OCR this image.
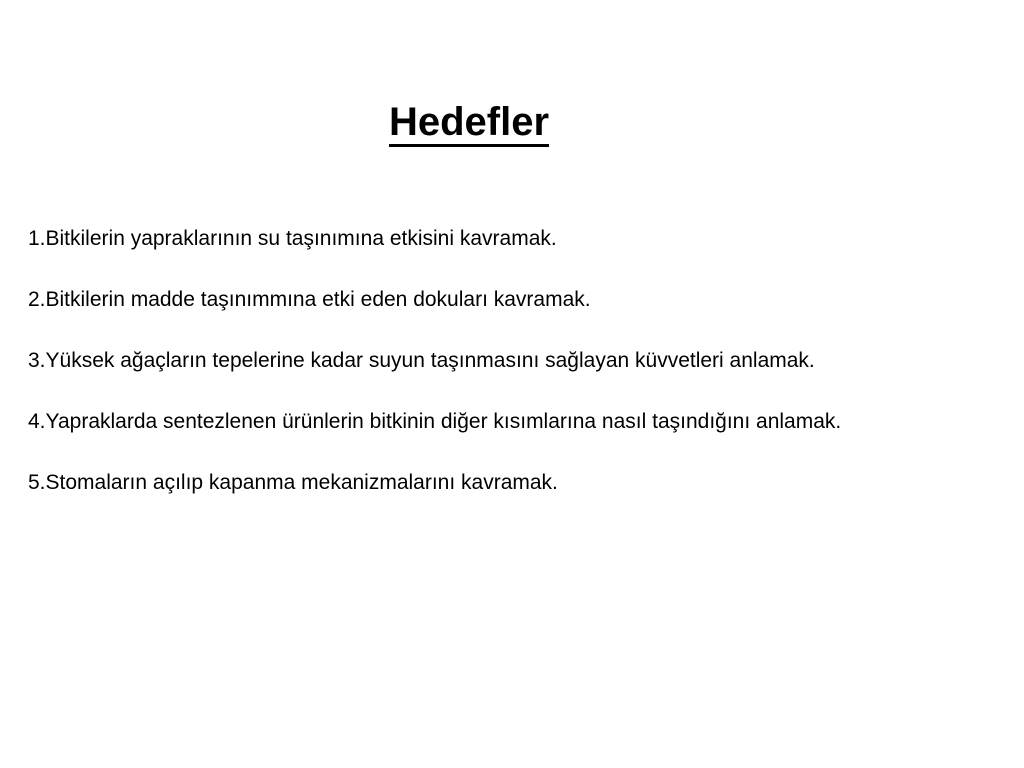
Hedefler
1.Bitkilerin yapraklarının su taşınımına etkisini kavramak.
2.Bitkilerin madde taşınımmına etki eden dokuları kavramak.
3.Yüksek ağaçların tepelerine kadar suyun taşınmasını sağlayan küvvetleri anlamak.
4.Yapraklarda sentezlenen ürünlerin bitkinin diğer kısımlarına nasıl taşındığını anlamak.
5.Stomaların açılıp kapanma mekanizmalarını kavramak.
